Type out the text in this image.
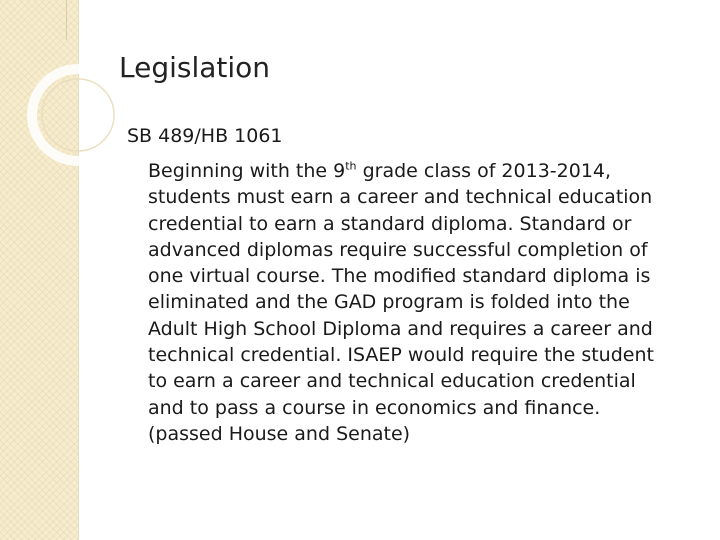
Legislation
SB 489/HB 1061
Beginning with the 9th grade class of 2013-2014,
students must earn a career and technical education
credential to earn a standard diploma. Standard or
advanced diplomas require successful completion of
one virtual course. The modified standard diploma is
eliminated and the GAD program is folded into the
Adult High School Diploma and requires a career and
technical credential. ISAEP would require the student
to earn a career and technical education credential
and to pass a course in economics and finance.
(passed House and Senate)
